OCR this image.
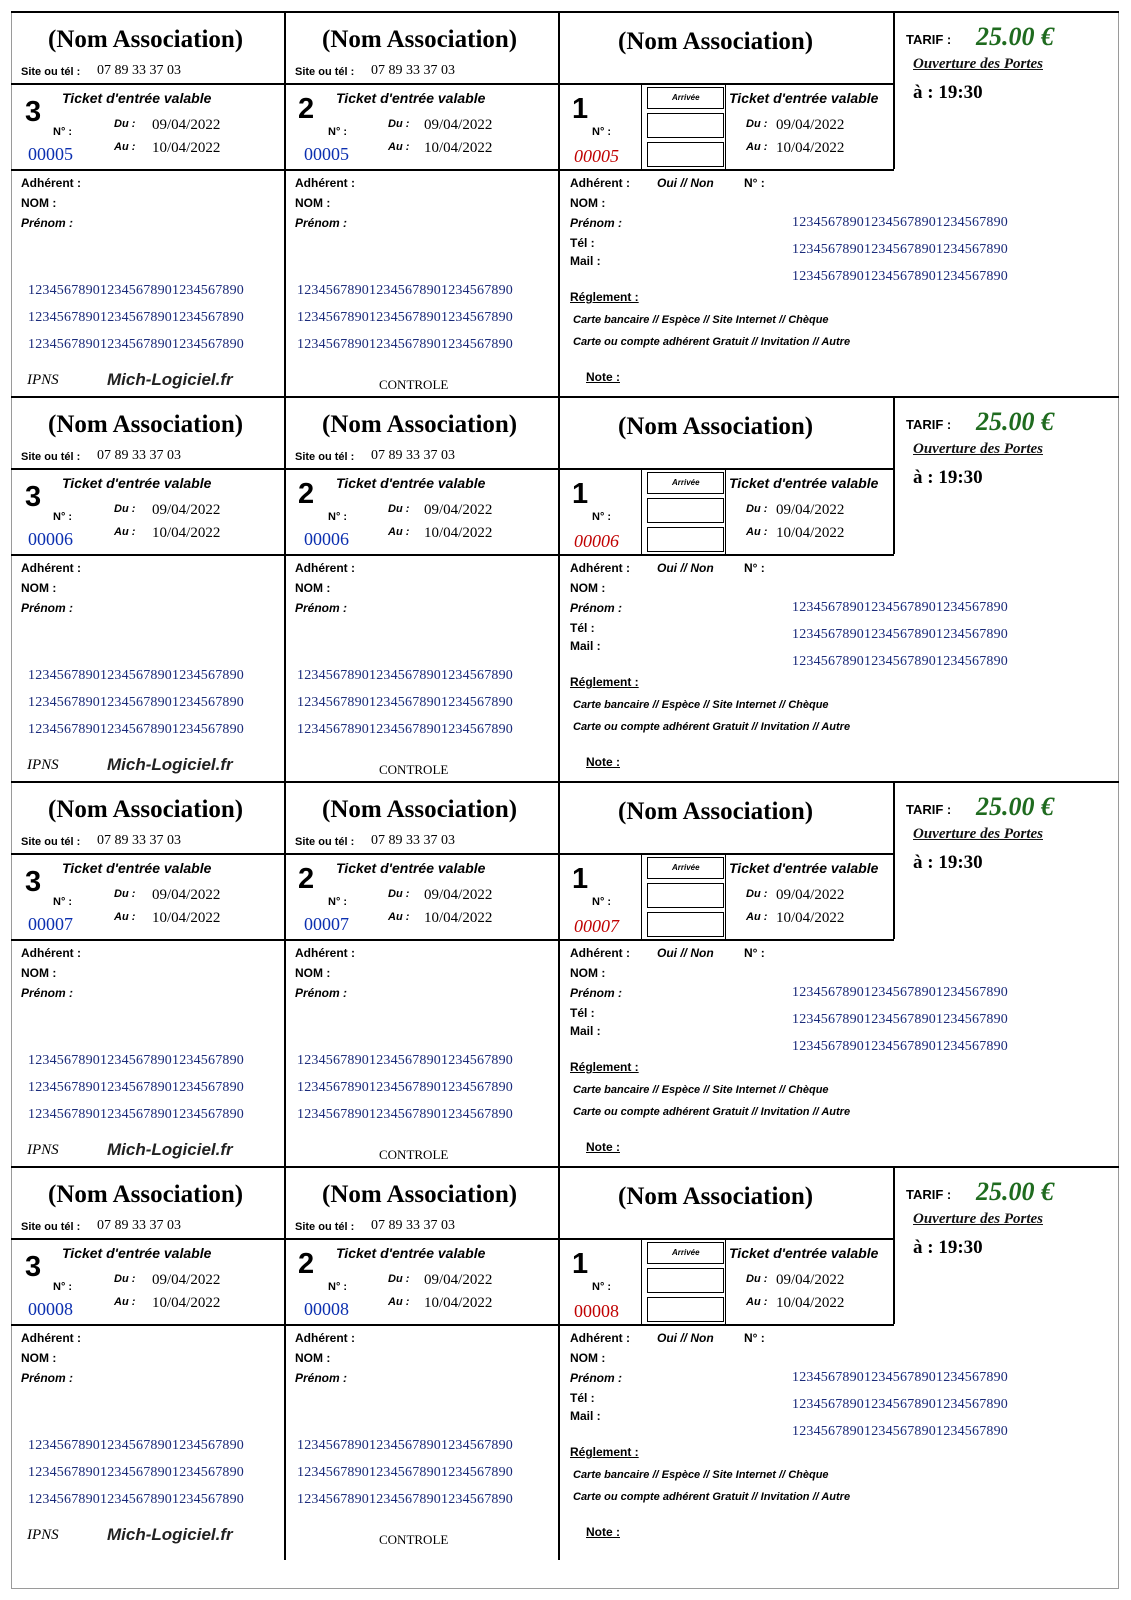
(Nom Association)
Site ou tél : 07 89 33 37 03
3 Ticket d'entrée valable
N° :
Du : 09/04/2022
Au : 10/04/2022
00005
Adhérent :
NOM :
Prénom :
123456789012345678901234567890
123456789012345678901234567890
123456789012345678901234567890
IPNS	Mich-Logiciel.fr
(Nom Association)
Site ou tél : 07 89 33 37 03
2 Ticket d'entrée valable
N° :
Du : 09/04/2022
Au : 10/04/2022
00005
Adhérent :
NOM :
Prénom :
123456789012345678901234567890
123456789012345678901234567890
123456789012345678901234567890
CONTROLE
(Nom Association)
1
N° :
00005
Arrivée Ticket d'entrée valable
Du : 09/04/2022
Au : 10/04/2022
Adhérent : Oui // Non	N° :
NOM :
Prénom :
Tél :
Mail :
123456789012345678901234567890
123456789012345678901234567890
123456789012345678901234567890
Réglement :
Carte bancaire // Espèce // Site Internet // Chèque
Carte ou compte adhérent Gratuit // Invitation // Autre
Note :
TARIF : 25.00 €
Ouverture des Portes
à : 19:30
(Nom Association)
Site ou tél : 07 89 33 37 03
3 Ticket d'entrée valable
N° :
Du : 09/04/2022
Au : 10/04/2022
00006
Adhérent :
NOM :
Prénom :
123456789012345678901234567890
123456789012345678901234567890
123456789012345678901234567890
IPNS	Mich-Logiciel.fr
(Nom Association)
Site ou tél : 07 89 33 37 03
2 Ticket d'entrée valable
N° :
Du : 09/04/2022
Au : 10/04/2022
00006
Adhérent :
NOM :
Prénom :
123456789012345678901234567890
123456789012345678901234567890
123456789012345678901234567890
CONTROLE
(Nom Association)
1
N° :
00006
Arrivée Ticket d'entrée valable
Du : 09/04/2022
Au : 10/04/2022
Adhérent : Oui // Non	N° :
NOM :
Prénom :
Tél :
Mail :
123456789012345678901234567890
123456789012345678901234567890
123456789012345678901234567890
Réglement :
Carte bancaire // Espèce // Site Internet // Chèque
Carte ou compte adhérent Gratuit // Invitation // Autre
Note :
TARIF : 25.00 €
Ouverture des Portes
à : 19:30
(Nom Association)
Site ou tél : 07 89 33 37 03
3 Ticket d'entrée valable
N° :
Du : 09/04/2022
Au : 10/04/2022
00007
Adhérent :
NOM :
Prénom :
123456789012345678901234567890
123456789012345678901234567890
123456789012345678901234567890
IPNS	Mich-Logiciel.fr
(Nom Association)
Site ou tél : 07 89 33 37 03
2 Ticket d'entrée valable
N° :
Du : 09/04/2022
Au : 10/04/2022
00007
Adhérent :
NOM :
Prénom :
123456789012345678901234567890
123456789012345678901234567890
123456789012345678901234567890
CONTROLE
(Nom Association)
1
N° :
00007
Arrivée Ticket d'entrée valable
Du : 09/04/2022
Au : 10/04/2022
Adhérent : Oui // Non	N° :
NOM :
Prénom :
Tél :
Mail :
123456789012345678901234567890
123456789012345678901234567890
123456789012345678901234567890
Réglement :
Carte bancaire // Espèce // Site Internet // Chèque
Carte ou compte adhérent Gratuit // Invitation // Autre
Note :
TARIF : 25.00 €
Ouverture des Portes
à : 19:30
(Nom Association)
Site ou tél : 07 89 33 37 03
3 Ticket d'entrée valable
N° :
Du : 09/04/2022
Au : 10/04/2022
00008
Adhérent :
NOM :
Prénom :
123456789012345678901234567890
123456789012345678901234567890
123456789012345678901234567890
IPNS	Mich-Logiciel.fr
(Nom Association)
Site ou tél : 07 89 33 37 03
2 Ticket d'entrée valable
N° :
Du : 09/04/2022
Au : 10/04/2022
00008
Adhérent :
NOM :
Prénom :
123456789012345678901234567890
123456789012345678901234567890
123456789012345678901234567890
CONTROLE
(Nom Association)
1
N° :
00008
Arrivée Ticket d'entrée valable
Du : 09/04/2022
Au : 10/04/2022
Adhérent : Oui // Non	N° :
NOM :
Prénom :
Tél :
Mail :
123456789012345678901234567890
123456789012345678901234567890
123456789012345678901234567890
Réglement :
Carte bancaire // Espèce // Site Internet // Chèque
Carte ou compte adhérent Gratuit // Invitation // Autre
Note :
TARIF : 25.00 €
Ouverture des Portes
à : 19:30
